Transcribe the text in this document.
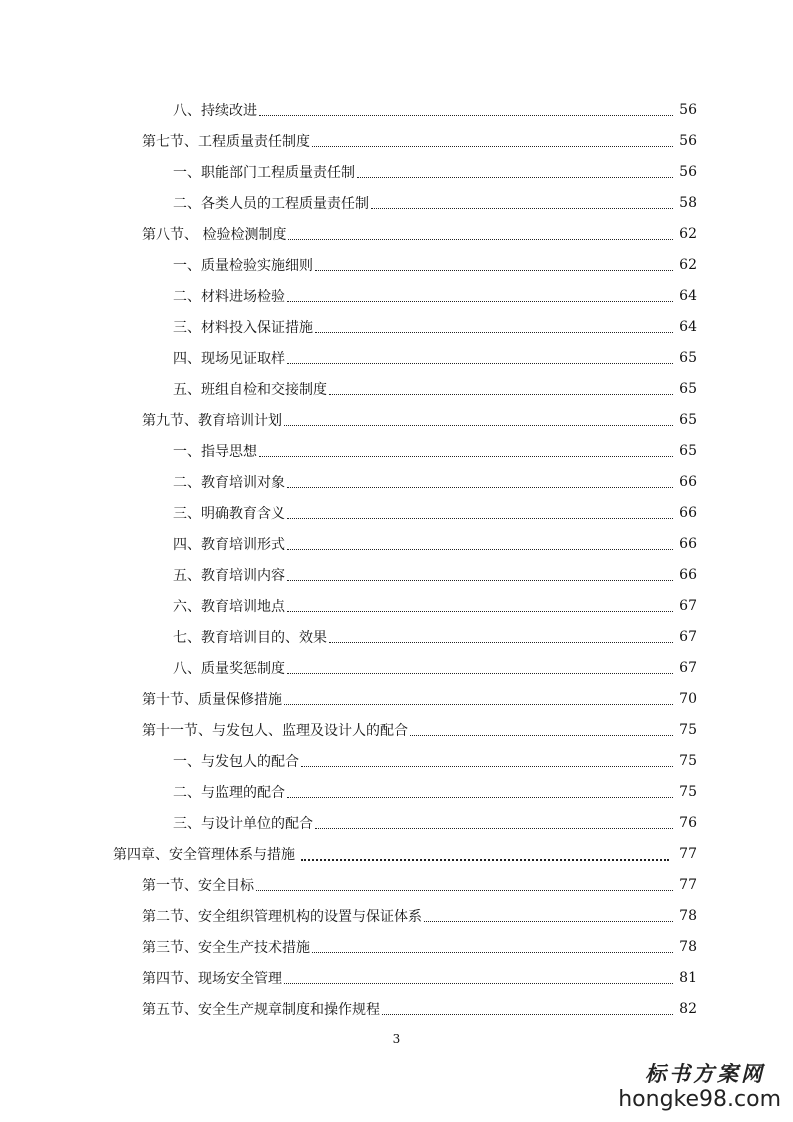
八、持续改进	56
第七节、工程质量责任制度	56
一、职能部门工程质量责任制	56
二、各类人员的工程质量责任制	58
第八节、 检验检测制度	62
一、质量检验实施细则	62
二、材料进场检验	64
三、材料投入保证措施	64
四、现场见证取样	65
五、班组自检和交接制度	65
第九节、教育培训计划	65
一、指导思想	65
二、教育培训对象	66
三、明确教育含义	66
四、教育培训形式	66
五、教育培训内容	66
六、教育培训地点	67
七、教育培训目的、效果	67
八、质量奖惩制度	67
第十节、质量保修措施	70
第十一节、与发包人、监理及设计人的配合	75
一、与发包人的配合	75
二、与监理的配合	75
三、与设计单位的配合	76
第四章、安全管理体系与措施	77
第一节、安全目标	77
第二节、安全组织管理机构的设置与保证体系	78
第三节、安全生产技术措施	78
第四节、现场安全管理	81
第五节、安全生产规章制度和操作规程	82
3
标书方案网
hongke98.com
